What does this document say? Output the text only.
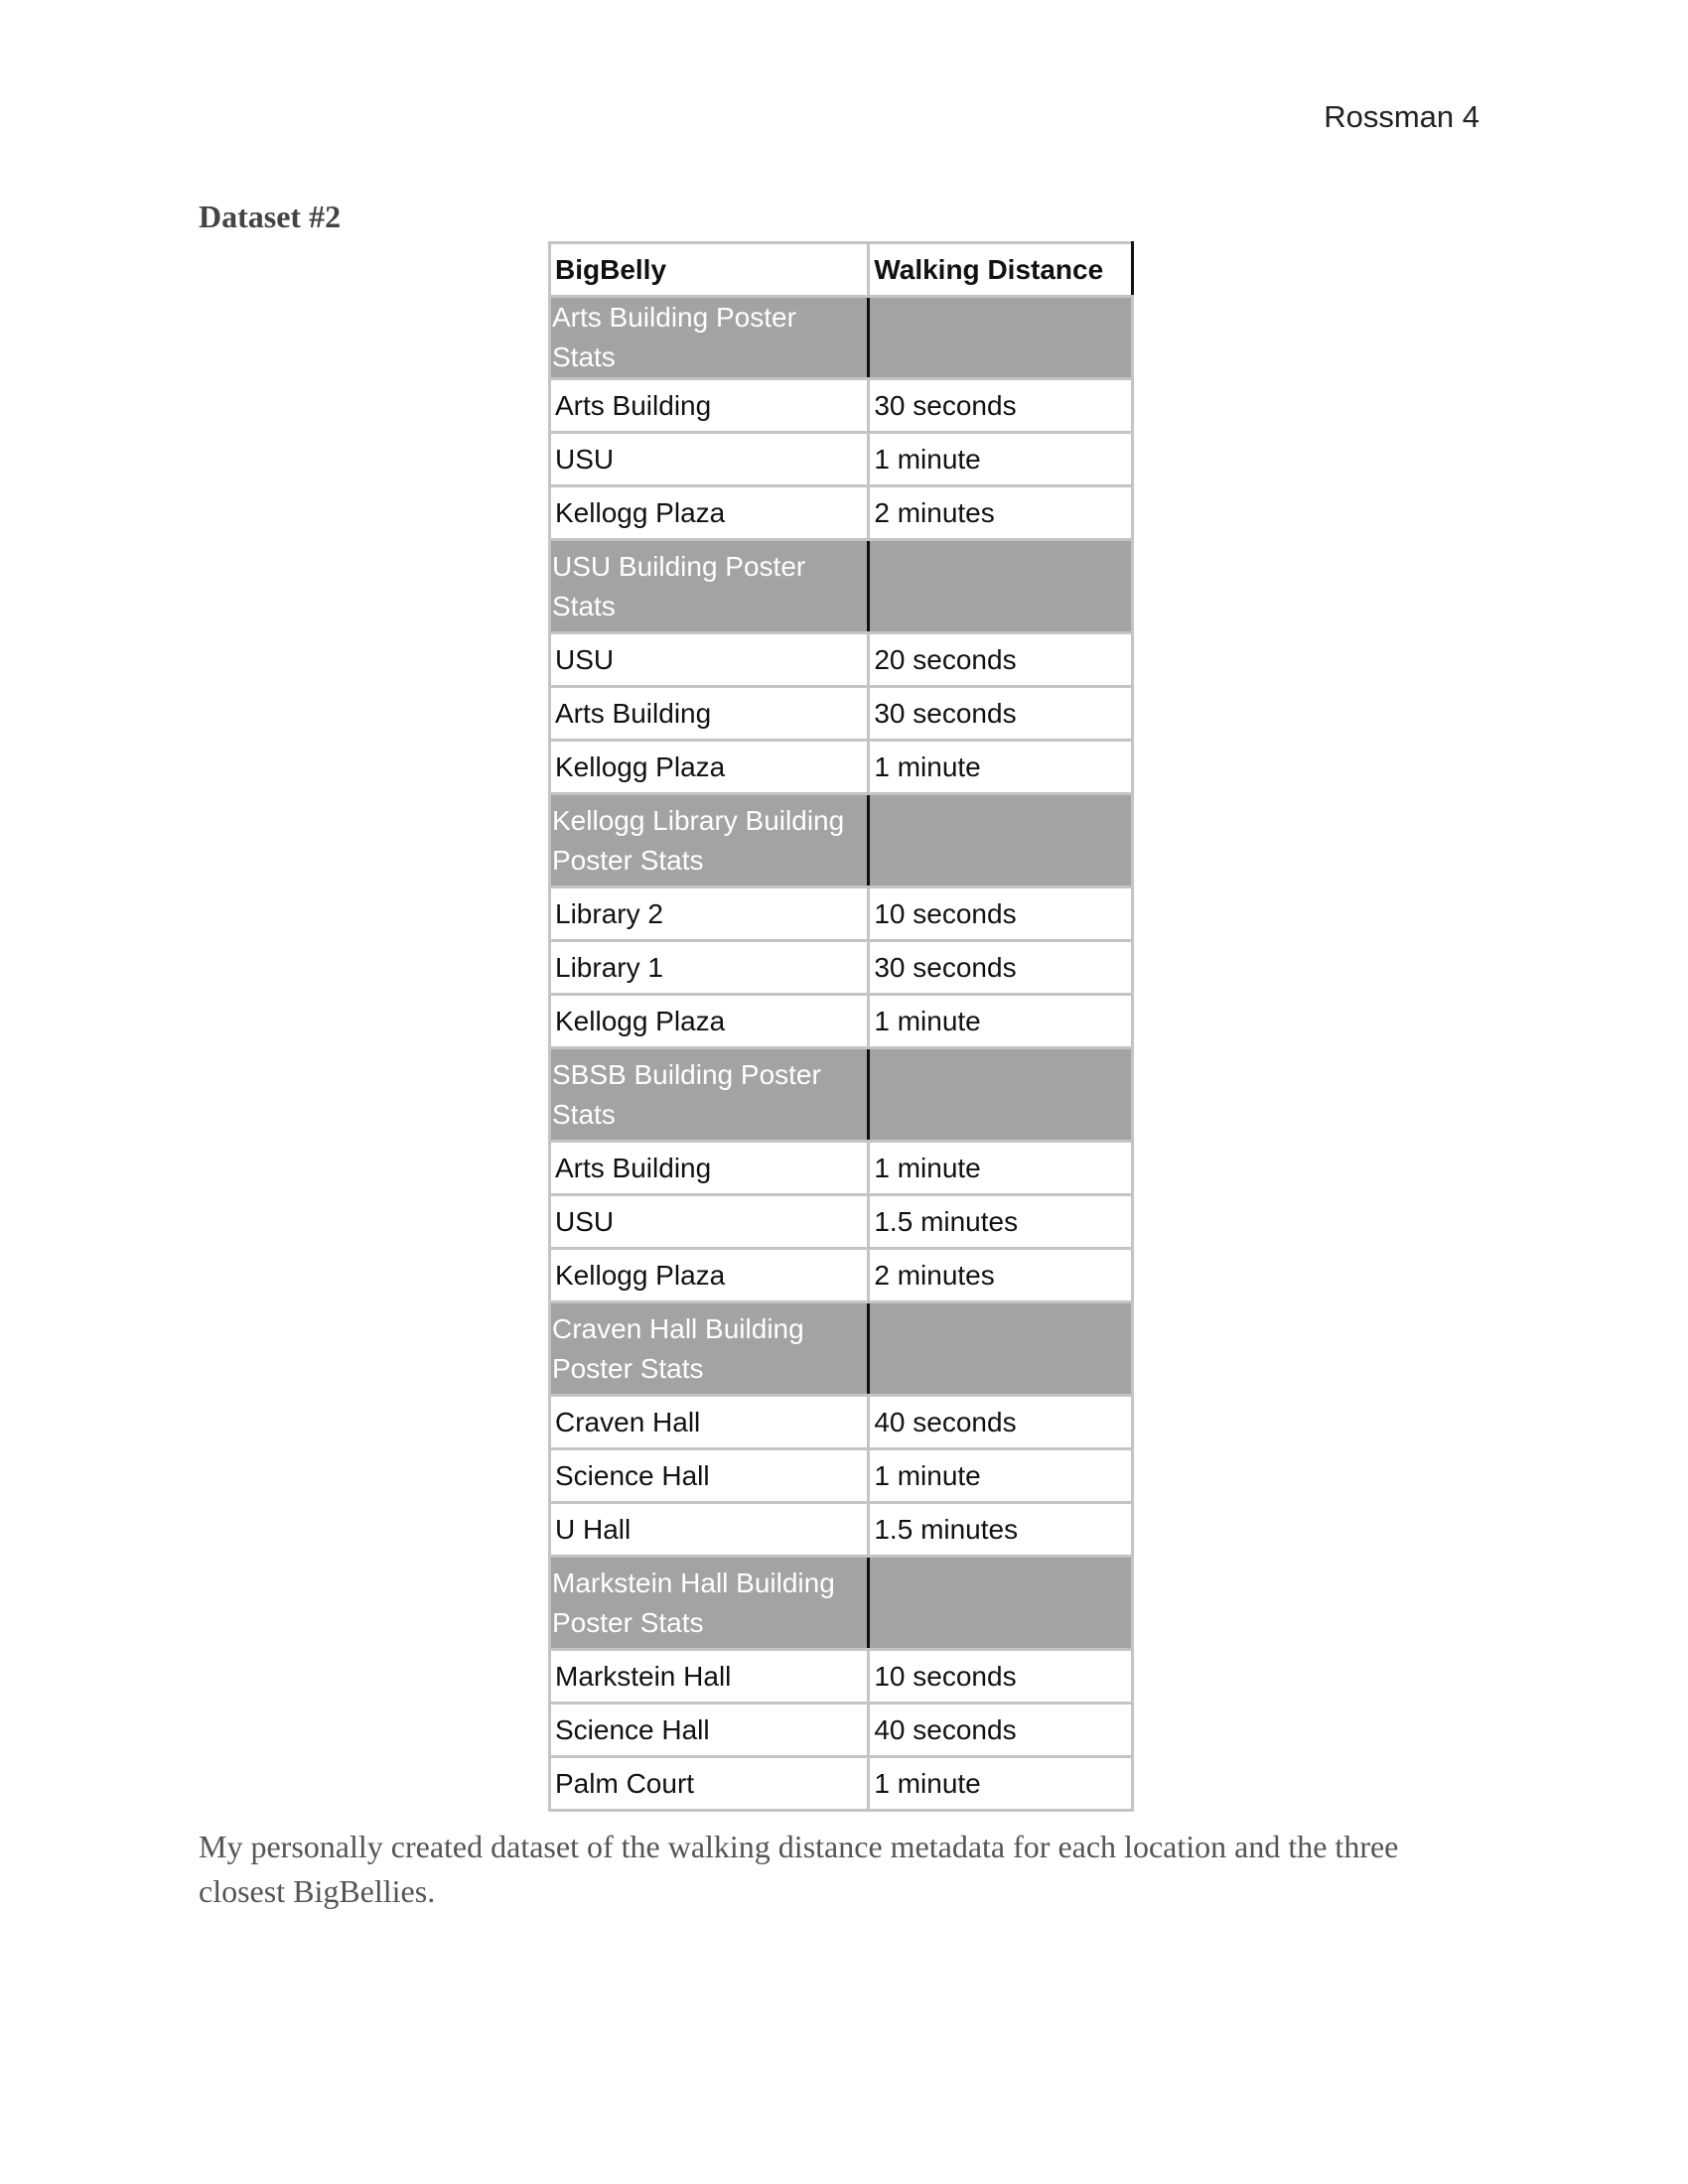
Rossman 4
Dataset #2
BigBelly	Walking Distance
Arts Building Poster Stats	
Arts Building	30 seconds
USU	1 minute
Kellogg Plaza	2 minutes
USU Building Poster Stats	
USU	20 seconds
Arts Building	30 seconds
Kellogg Plaza	1 minute
Kellogg Library Building Poster Stats	
Library 2	10 seconds
Library 1	30 seconds
Kellogg Plaza	1 minute
SBSB Building Poster Stats	
Arts Building	1 minute
USU	1.5 minutes
Kellogg Plaza	2 minutes
Craven Hall Building Poster Stats	
Craven Hall	40 seconds
Science Hall	1 minute
U Hall	1.5 minutes
Markstein Hall Building Poster Stats	
Markstein Hall	10 seconds
Science Hall	40 seconds
Palm Court	1 minute
My personally created dataset of the walking distance metadata for each location and the three closest BigBellies.
